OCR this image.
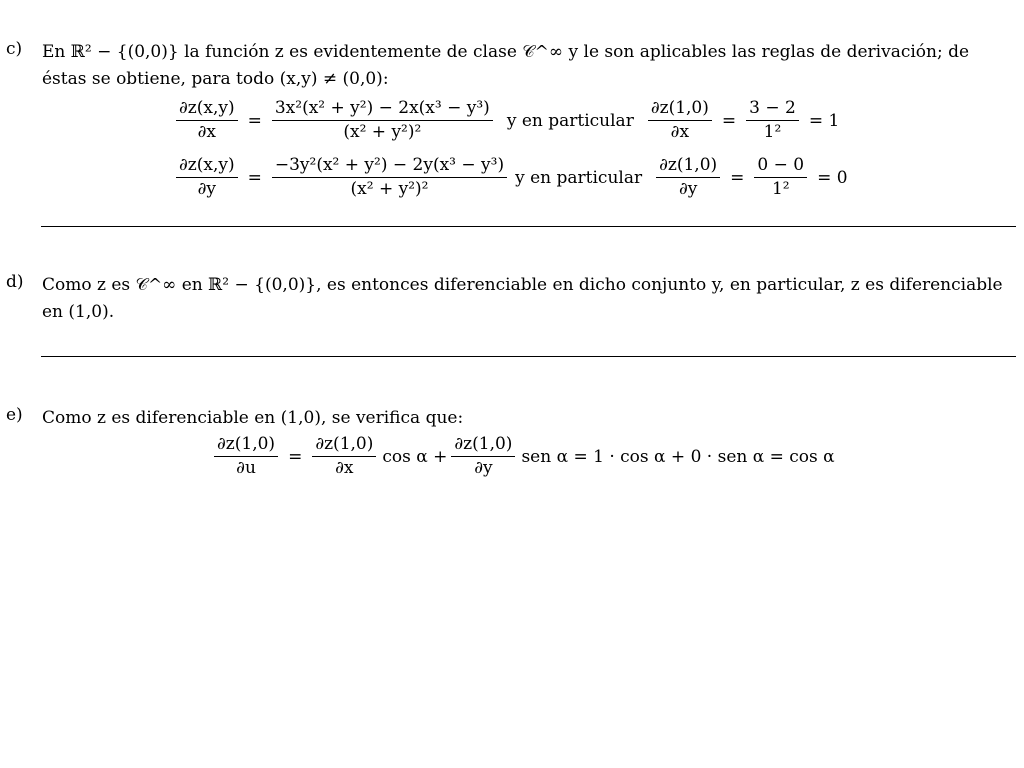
c) En ℝ² − {(0,0)} la función z es evidentemente de clase 𝒞^∞ y le son aplicables las reglas de derivación; de
éstas se obtiene, para todo (x,y) ≠ (0,0):
$\frac{\partial z(x,y)}{\partial x} = \frac{\text{3x²(x² + y²) − 2x(x³ − y³)}}{\text{(x² + y²)²}}$ y en particular $\frac{\partial z(1,0)}{\partial x} = \frac{3 - 2}{\text{1²}} = 1$
$\frac{\partial z(x,y)}{\partial y} = \frac{\text{−3y²(x² + y²) − 2y(x³ − y³)}}{\text{(x² + y²)²}}$ y en particular $\frac{\partial z(1,0)}{\partial y} = \frac{0 - 0}{\text{1²}} = 0$
d) Como z es 𝒞^∞ en ℝ² − {(0,0)}, es entonces diferenciable en dicho conjunto y, en particular, z es diferenciable
en (1,0).
e) Como z es diferenciable en (1,0), se verifica que:
$\frac{\partial z(1,0)}{\partial u} = \frac{\partial z(1,0)}{\partial x}$ $\cos \alpha + \frac{\partial z(1,0)}{\partial y}$ sen α = 1 · cos α + 0 · sen α = cos α
